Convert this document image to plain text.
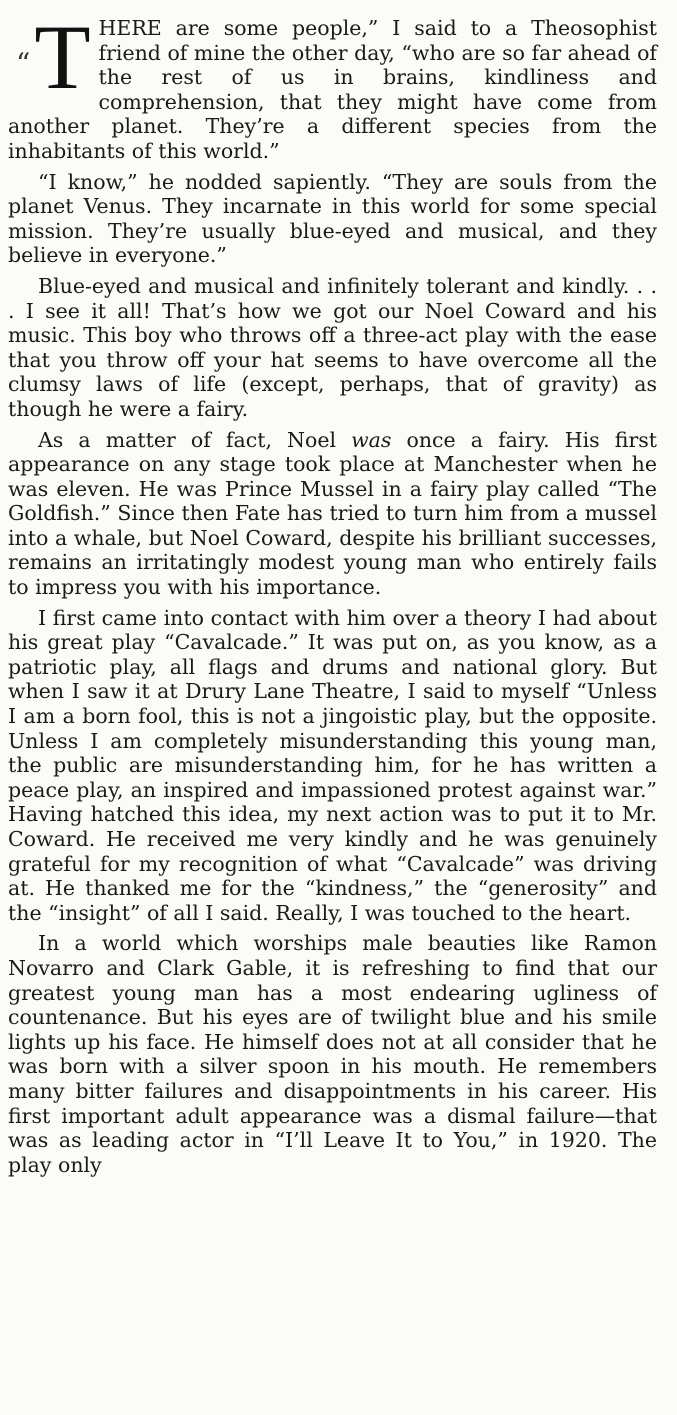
“ T HERE are some people,” I said to a Theosophist friend of mine the other day, “who are so far ahead of the rest of us in brains, kindliness and comprehension, that they might have come from another planet. They’re a different species from the inhabitants of this world.”

“I know,” he nodded sapiently. “They are souls from the planet Venus. They incarnate in this world for some special mission. They’re usually blue-eyed and musical, and they believe in everyone.”

Blue-eyed and musical and infinitely tolerant and kindly. . . . I see it all! That’s how we got our Noel Coward and his music. This boy who throws off a three-act play with the ease that you throw off your hat seems to have overcome all the clumsy laws of life (except, perhaps, that of gravity) as though he were a fairy.

As a matter of fact, Noel was once a fairy. His first appearance on any stage took place at Manchester when he was eleven. He was Prince Mussel in a fairy play called “The Goldfish.” Since then Fate has tried to turn him from a mussel into a whale, but Noel Coward, despite his brilliant successes, remains an irritatingly modest young man who entirely fails to impress you with his importance.

I first came into contact with him over a theory I had about his great play “Cavalcade.” It was put on, as you know, as a patriotic play, all flags and drums and national glory. But when I saw it at Drury Lane Theatre, I said to myself “Unless I am a born fool, this is not a jingoistic play, but the opposite. Unless I am completely misunderstanding this young man, the public are misunderstanding him, for he has written a peace play, an inspired and impassioned protest against war.” Having hatched this idea, my next action was to put it to Mr. Coward. He received me very kindly and he was genuinely grateful for my recognition of what “Cavalcade” was driving at. He thanked me for the “kindness,” the “generosity” and the “insight” of all I said. Really, I was touched to the heart.

In a world which worships male beauties like Ramon Novarro and Clark Gable, it is refreshing to find that our greatest young man has a most endearing ugliness of countenance. But his eyes are of twilight blue and his smile lights up his face. He himself does not at all consider that he was born with a silver spoon in his mouth. He remembers many bitter failures and disappointments in his career. His first important adult appearance was a dismal failure—that was as leading actor in “I’ll Leave It to You,” in 1920. The play only
